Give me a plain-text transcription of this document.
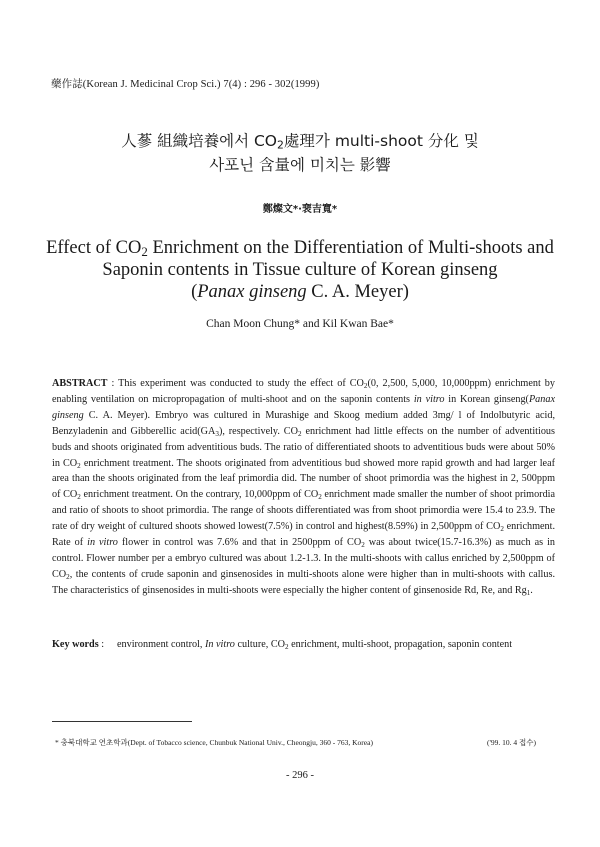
藥作誌(Korean J. Medicinal Crop Sci.) 7(4) : 296 - 302(1999)
人蔘 組織培養에서 $CO_2$處理가 multi-shoot 分化 및
사포닌 含量에 미치는 影響
鄭燦文*·裵吉寬*
Effect of $CO_2$ Enrichment on the Differentiation of Multi-shoots and
Saponin contents in Tissue culture of Korean ginseng
(Panax ginseng C. A. Meyer)
Chan Moon Chung* and Kil Kwan Bae*
ABSTRACT : This experiment was conducted to study the effect of $CO_2(0$, 2,500, 5,000, 10,000ppm) enrichment by enabling ventilation on micropropagation of multi-shoot and on the saponin contents in vitro in Korean ginseng(Panax ginseng C. A. Meyer). Embryo was cultured in Murashige and Skoog medium added 3mg/ l of Indolbutyric acid, Benzyladenin and Gibberellic $acid(GA_3)$, respectively. $CO_2$ enrichment had little effects on the number of adventitious buds and shoots originated from adventitious buds. The ratio of differentiated shoots to adventitious buds were about 50% in $CO_2$ enrichment treatment. The shoots originated from adventitious bud showed more rapid growth and had larger leaf area than the shoots originated from the leaf primordia did. The number of shoot primordia was the highest in 2, 500ppm of $CO_2$ enrichment treatment. On the contrary, 10,000ppm of $CO_2$ enrichment made smaller the number of shoot primordia and ratio of shoots to shoot primordia. The range of shoots differentiated was from shoot primordia were 15.4 to 23.9. The rate of dry weight of cultured shoots showed lowest(7.5%) in control and highest(8.59%) in 2,500ppm of $CO_2$ enrichment. Rate of in vitro flower in control was 7.6% and that in 2500ppm of $CO_2$ was about twice(15.7-16.3%) as much as in control. Flower number per a embryo cultured was about 1.2-1.3. In the multi-shoots with callus enriched by 2,500ppm of $CO_2$, the contents of crude saponin and ginsenosides in multi-shoots alone were higher than in multi-shoots with callus. The characteristics of ginsenosides in multi-shoots were especially the higher content of ginsenoside Rd, Re, and $Rg_1$.
Key words : environment control, In vitro culture, $CO_2$ enrichment, multi-shoot, propagation, saponin content
* 충북대학교 연초학과(Dept. of Tobacco science, Chunbuk National Univ., Cheongju, 360 - 763, Korea)	('99. 10. 4 접수)
- 296 -
